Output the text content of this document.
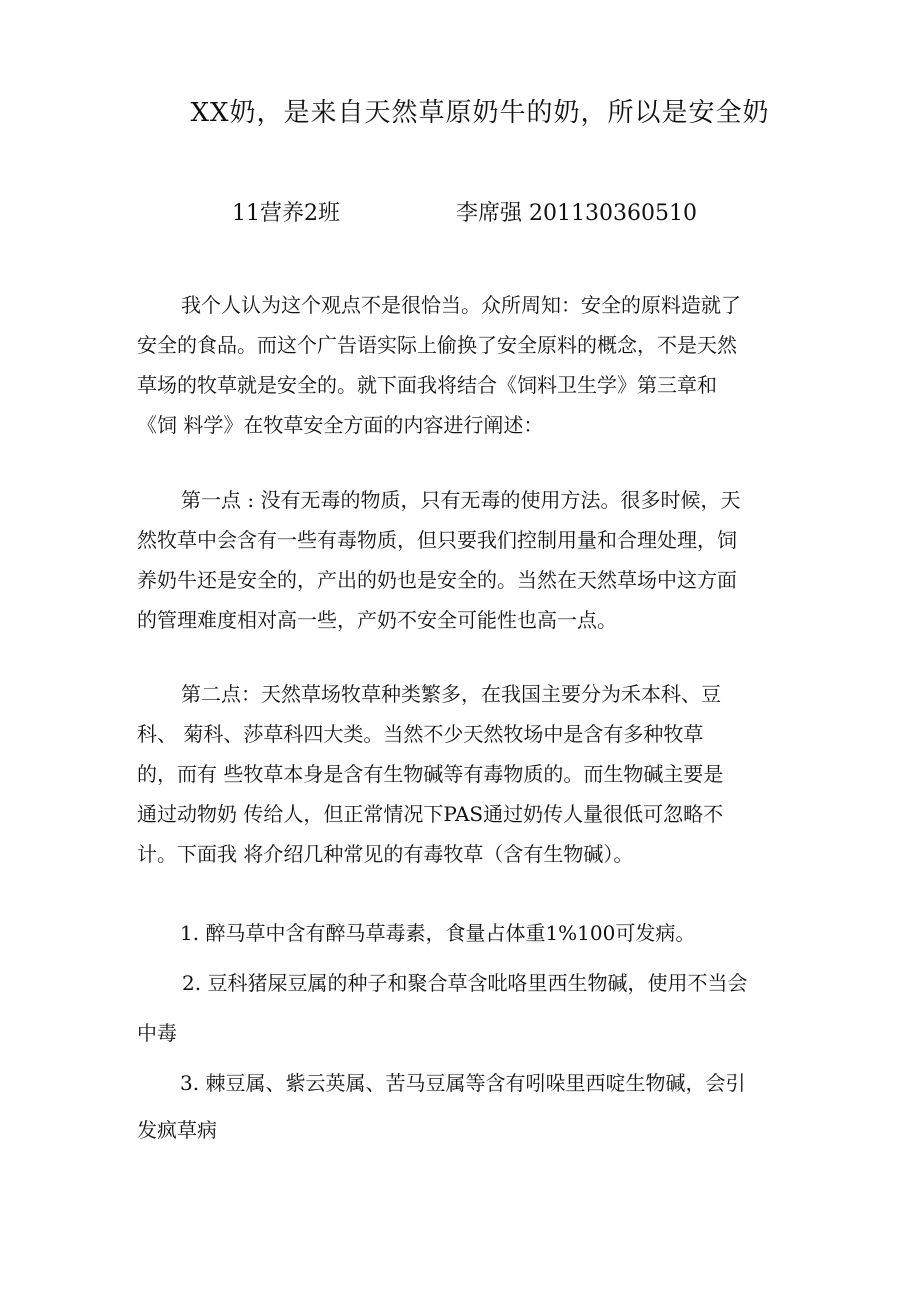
XX奶，是来自天然草原奶牛的奶，所以是安全奶
11营养2班	李席强 201130360510
我个人认为这个观点不是很恰当。众所周知：安全的原料造就了
安全的食品。而这个广告语实际上偷换了安全原料的概念，不是天然
草场的牧草就是安全的。就下面我将结合《饲料卫生学》第三章和
《饲 料学》在牧草安全方面的内容进行阐述：
第一点 : 没有无毒的物质，只有无毒的使用方法。很多时候，天
然牧草中会含有一些有毒物质，但只要我们控制用量和合理处理，饲
养奶牛还是安全的，产出的奶也是安全的。当然在天然草场中这方面
的管理难度相对高一些，产奶不安全可能性也高一点。
第二点：天然草场牧草种类繁多，在我国主要分为禾本科、豆
科、 菊科、莎草科四大类。当然不少天然牧场中是含有多种牧草
的，而有 些牧草本身是含有生物碱等有毒物质的。而生物碱主要是
通过动物奶 传给人，但正常情况下PAS通过奶传人量很低可忽略不
计。下面我 将介绍几种常见的有毒牧草（含有生物碱）。
1. 醉马草中含有醉马草毒素，食量占体重1%100可发病。
2. 豆科猪屎豆属的种子和聚合草含吡咯里西生物碱，使用不当会
中毒
3. 棘豆属、紫云英属、苦马豆属等含有吲哚里西啶生物碱，会引
发疯草病
